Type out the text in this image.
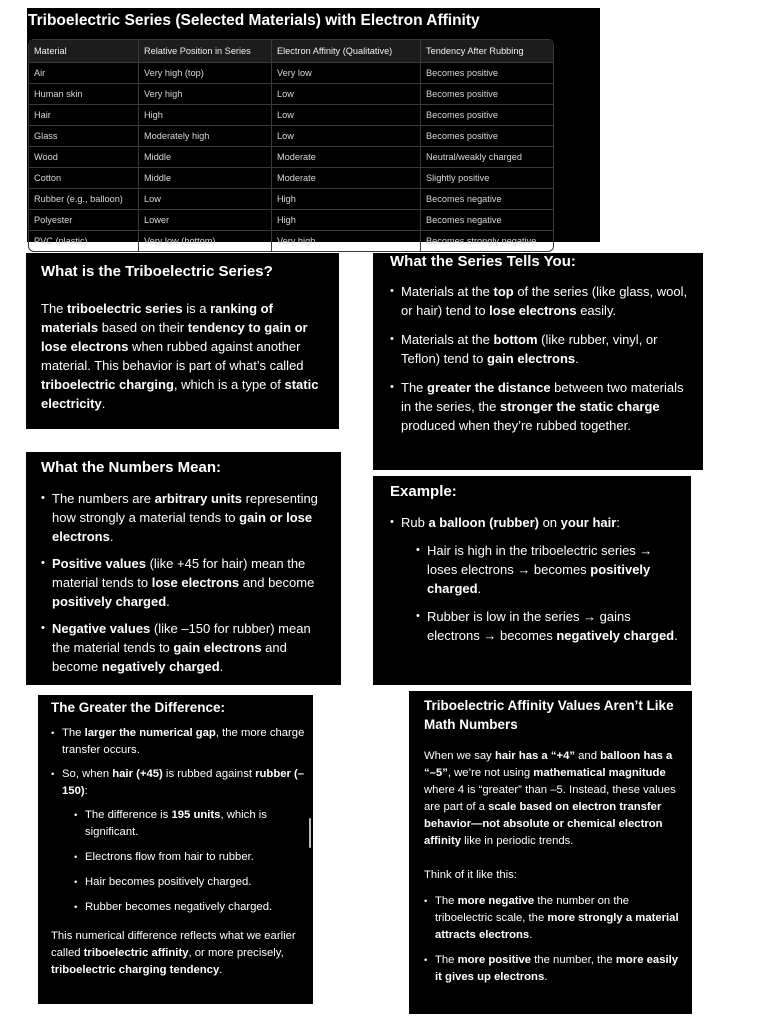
Triboelectric Series (Selected Materials) with Electron Affinity
Material	Relative Position in Series	Electron Affinity (Qualitative)	Tendency After Rubbing
Air	Very high (top)	Very low	Becomes positive
Human skin	Very high	Low	Becomes positive
Hair	High	Low	Becomes positive
Glass	Moderately high	Low	Becomes positive
Wood	Middle	Moderate	Neutral/weakly charged
Cotton	Middle	Moderate	Slightly positive
Rubber (e.g., balloon)	Low	High	Becomes negative
Polyester	Lower	High	Becomes negative
PVC (plastic)	Very low (bottom)	Very high	Becomes strongly negative
What is the Triboelectric Series?

The triboelectric series is a ranking of materials based on their tendency to gain or lose electrons when rubbed against another material. This behavior is part of what’s called triboelectric charging, which is a type of static electricity.

What the Series Tells You:
• Materials at the top of the series (like glass, wool, or hair) tend to lose electrons easily.
• Materials at the bottom (like rubber, vinyl, or Teflon) tend to gain electrons.
• The greater the distance between two materials in the series, the stronger the static charge produced when they’re rubbed together.
What the Numbers Mean:
• The numbers are arbitrary units representing how strongly a material tends to gain or lose electrons.
• Positive values (like +45 for hair) mean the material tends to lose electrons and become positively charged.
• Negative values (like –150 for rubber) mean the material tends to gain electrons and become negatively charged.
Example:
• Rub a balloon (rubber) on your hair:
• Hair is high in the triboelectric series → loses electrons → becomes positively charged.
• Rubber is low in the series → gains electrons → becomes negatively charged.
The Greater the Difference:
• The larger the numerical gap, the more charge transfer occurs.
• So, when hair (+45) is rubbed against rubber (–150):
• The difference is 195 units, which is significant.
• Electrons flow from hair to rubber.
• Hair becomes positively charged.
• Rubber becomes negatively charged.

This numerical difference reflects what we earlier called triboelectric affinity, or more precisely, triboelectric charging tendency.

Triboelectric Affinity Values Aren’t Like Math Numbers

When we say hair has a “+4” and balloon has a “–5”, we’re not using mathematical magnitude where 4 is “greater” than –5. Instead, these values are part of a scale based on electron transfer behavior—not absolute or chemical electron affinity like in periodic trends.

Think of it like this:

• The more negative the number on the triboelectric scale, the more strongly a material attracts electrons.
• The more positive the number, the more easily it gives up electrons.
